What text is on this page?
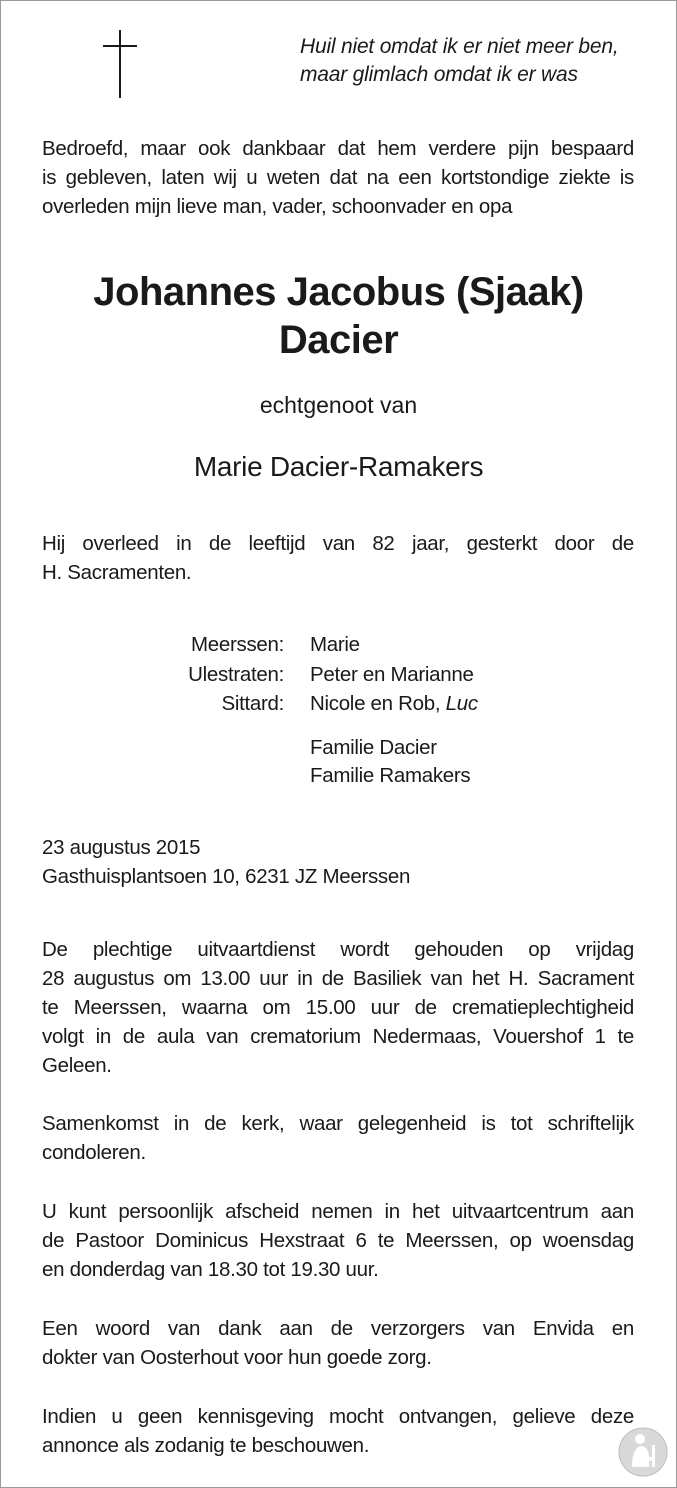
Huil niet omdat ik er niet meer ben,
maar glimlach omdat ik er was
Bedroefd, maar ook dankbaar dat hem verdere pijn bespaard
is gebleven, laten wij u weten dat na een kortstondige ziekte is
overleden mijn lieve man, vader, schoonvader en opa
Johannes Jacobus (Sjaak)
Dacier
echtgenoot van
Marie Dacier-Ramakers
Hij overleed in de leeftijd van 82 jaar, gesterkt door de
H. Sacramenten.
Meerssen: Marie
Ulestraten: Peter en Marianne
Sittard: Nicole en Rob, Luc
Familie Dacier
Familie Ramakers
23 augustus 2015
Gasthuisplantsoen 10, 6231 JZ Meerssen
De plechtige uitvaartdienst wordt gehouden op vrijdag
28 augustus om 13.00 uur in de Basiliek van het H. Sacrament
te Meerssen, waarna om 15.00 uur de crematieplechtigheid
volgt in de aula van crematorium Nedermaas, Vouershof 1 te
Geleen.
Samenkomst in de kerk, waar gelegenheid is tot schriftelijk
condoleren.
U kunt persoonlijk afscheid nemen in het uitvaartcentrum aan
de Pastoor Dominicus Hexstraat 6 te Meerssen, op woensdag
en donderdag van 18.30 tot 19.30 uur.
Een woord van dank aan de verzorgers van Envida en
dokter van Oosterhout voor hun goede zorg.
Indien u geen kennisgeving mocht ontvangen, gelieve deze
annonce als zodanig te beschouwen.
